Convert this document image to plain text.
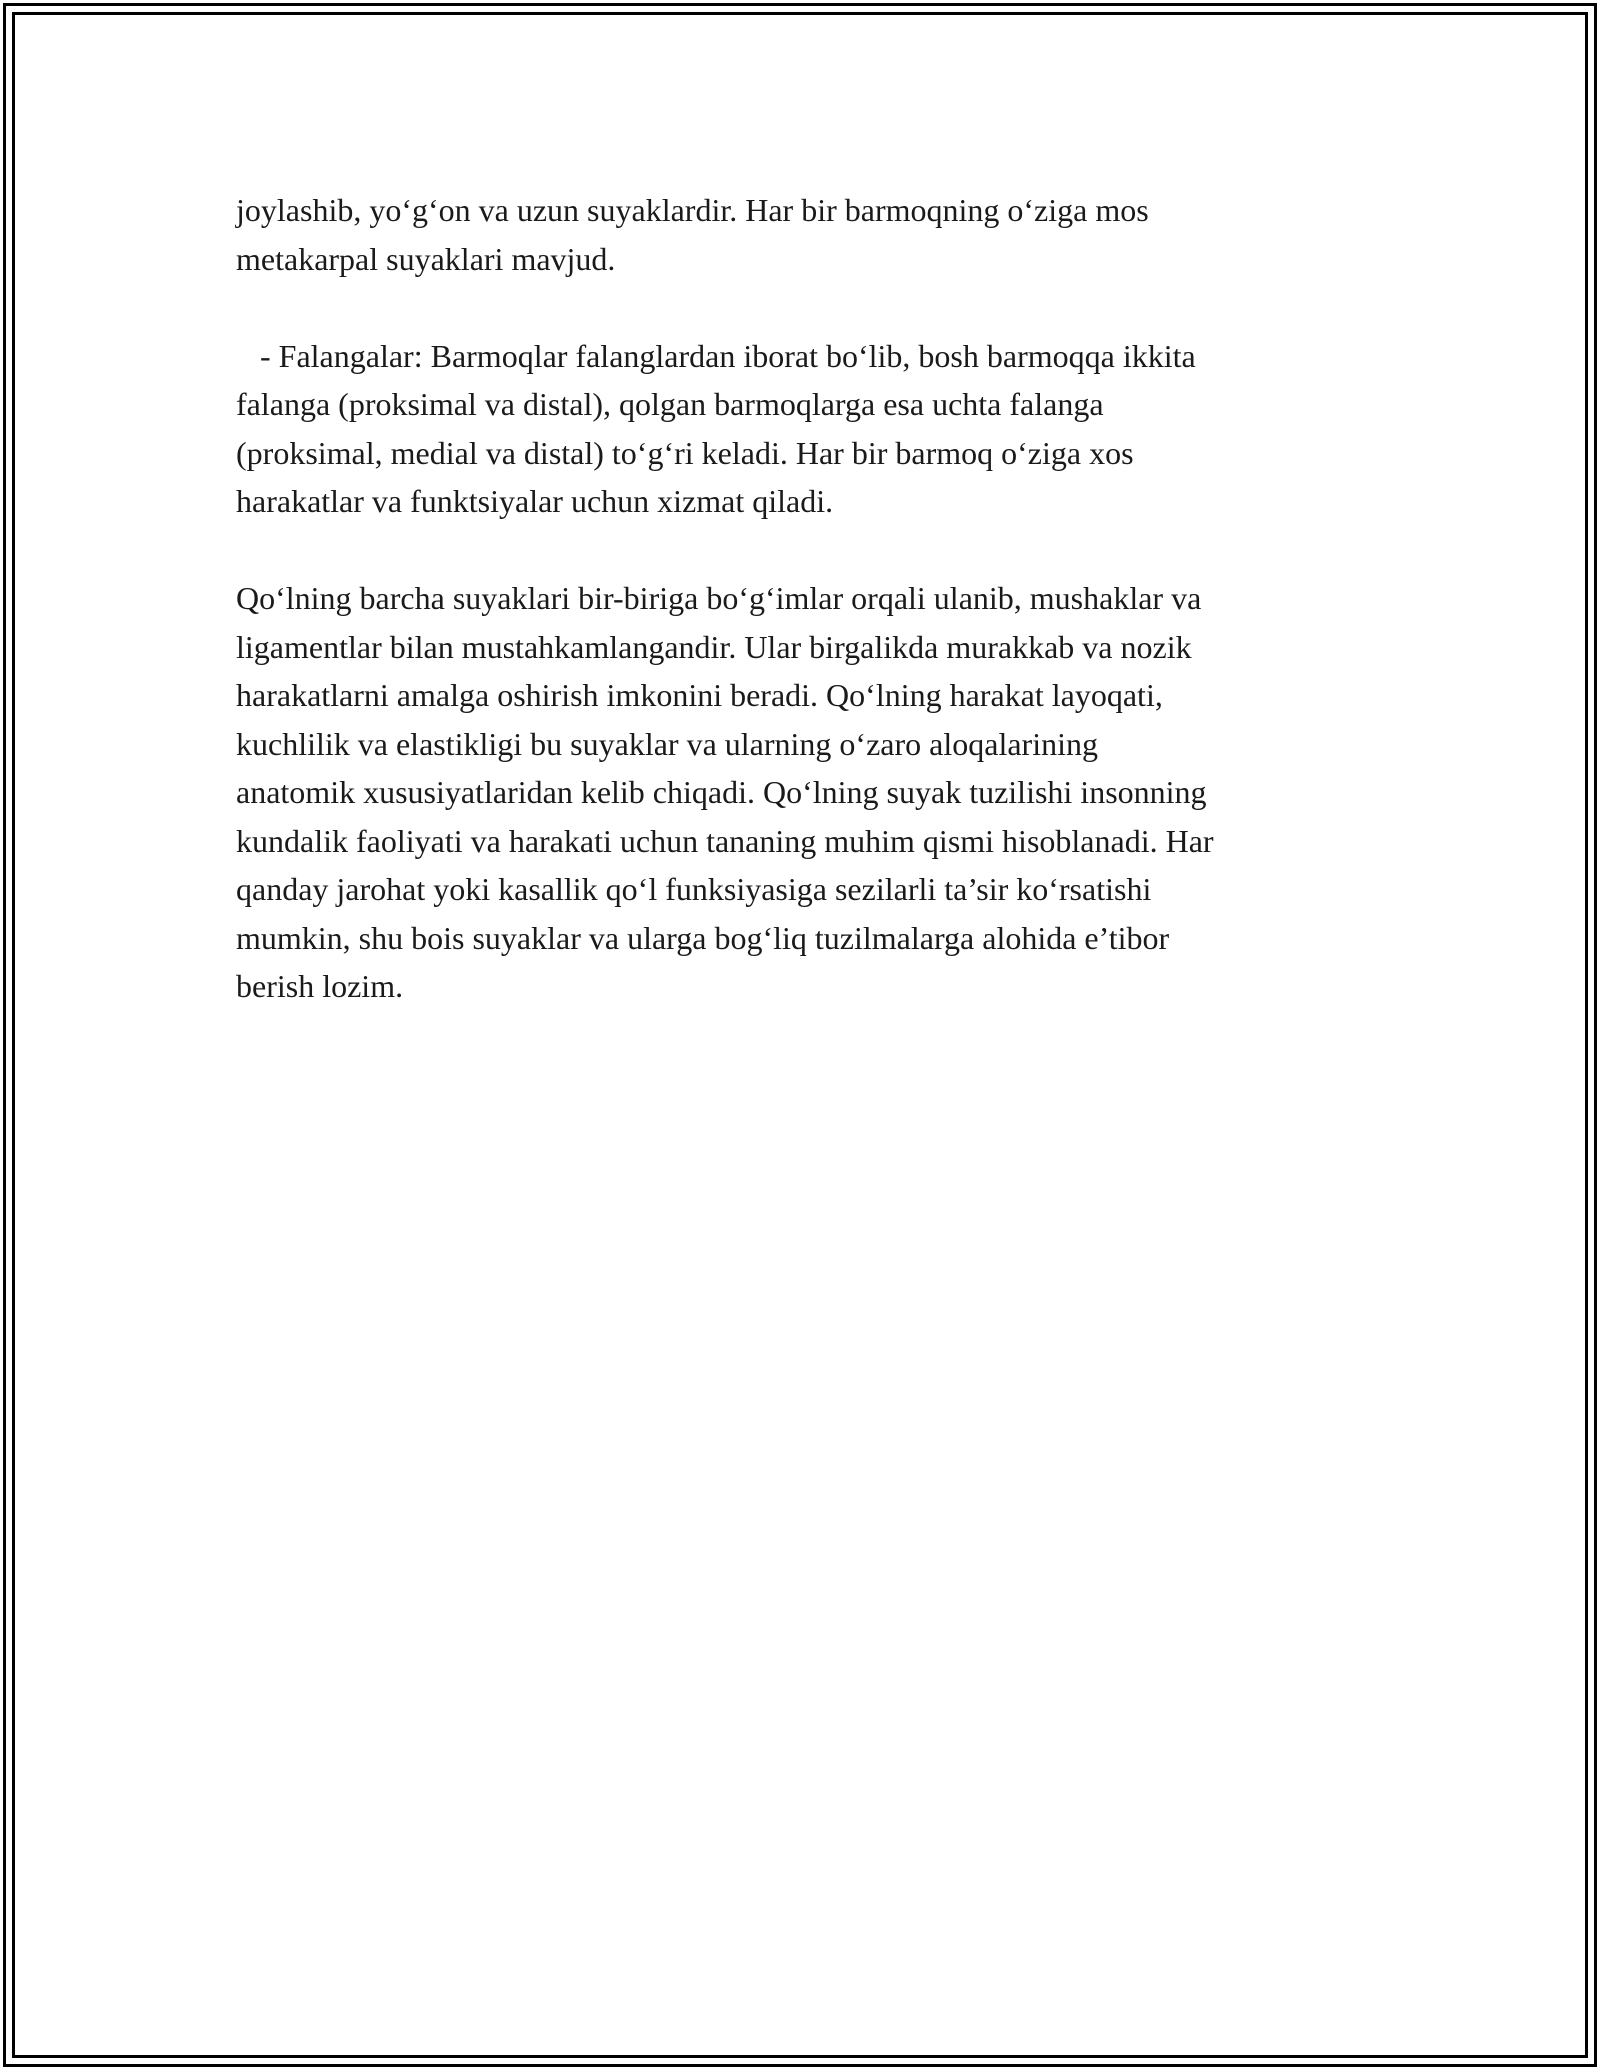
joylashib, yo‘g‘on va uzun suyaklardir. Har bir barmoqning o‘ziga mos
metakarpal suyaklari mavjud.

- Falangalar: Barmoqlar falanglardan iborat bo‘lib, bosh barmoqqa ikkita
falanga (proksimal va distal), qolgan barmoqlarga esa uchta falanga
(proksimal, medial va distal) to‘g‘ri keladi. Har bir barmoq o‘ziga xos
harakatlar va funktsiyalar uchun xizmat qiladi.

Qo‘lning barcha suyaklari bir-biriga bo‘g‘imlar orqali ulanib, mushaklar va
ligamentlar bilan mustahkamlangandir. Ular birgalikda murakkab va nozik
harakatlarni amalga oshirish imkonini beradi. Qo‘lning harakat layoqati,
kuchlilik va elastikligi bu suyaklar va ularning o‘zaro aloqalarining
anatomik xususiyatlaridan kelib chiqadi. Qo‘lning suyak tuzilishi insonning
kundalik faoliyati va harakati uchun tananing muhim qismi hisoblanadi. Har
qanday jarohat yoki kasallik qo‘l funksiyasiga sezilarli ta’sir ko‘rsatishi
mumkin, shu bois suyaklar va ularga bog‘liq tuzilmalarga alohida e’tibor
berish lozim.
